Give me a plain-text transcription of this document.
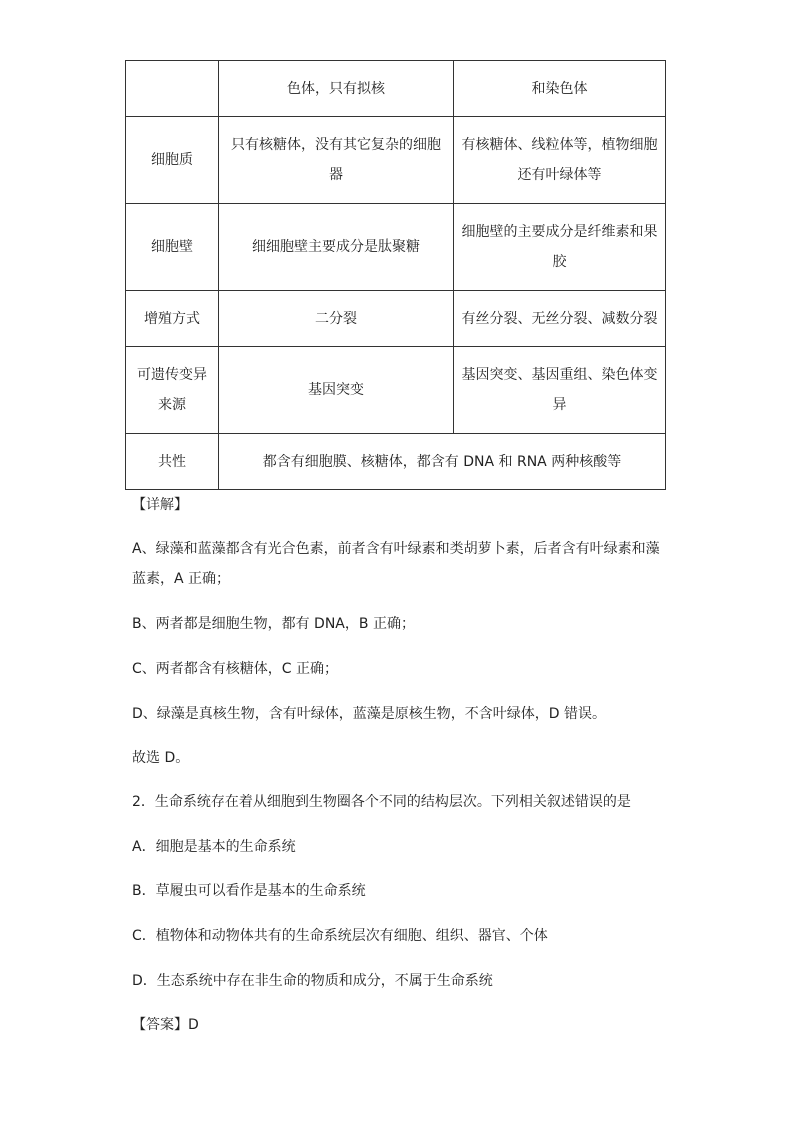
	色体，只有拟核	和染色体
细胞质	只有核糖体，没有其它复杂的细胞器	有核糖体、线粒体等，植物细胞还有叶绿体等
细胞壁	细细胞壁主要成分是肽聚糖	细胞壁的主要成分是纤维素和果胶
增殖方式	二分裂	有丝分裂、无丝分裂、减数分裂
可遗传变异来源	基因突变	基因突变、基因重组、染色体变异
共性	都含有细胞膜、核糖体，都含有 DNA 和 RNA 两种核酸等	
【详解】
A、绿藻和蓝藻都含有光合色素，前者含有叶绿素和类胡萝卜素，后者含有叶绿素和藻蓝素，A 正确；
B、两者都是细胞生物，都有 DNA，B 正确；
C、两者都含有核糖体，C 正确；
D、绿藻是真核生物，含有叶绿体，蓝藻是原核生物，不含叶绿体，D 错误。
故选 D。
2．生命系统存在着从细胞到生物圈各个不同的结构层次。下列相关叙述错误的是
A．细胞是基本的生命系统
B．草履虫可以看作是基本的生命系统
C．植物体和动物体共有的生命系统层次有细胞、组织、器官、个体
D．生态系统中存在非生命的物质和成分，不属于生命系统
【答案】D
